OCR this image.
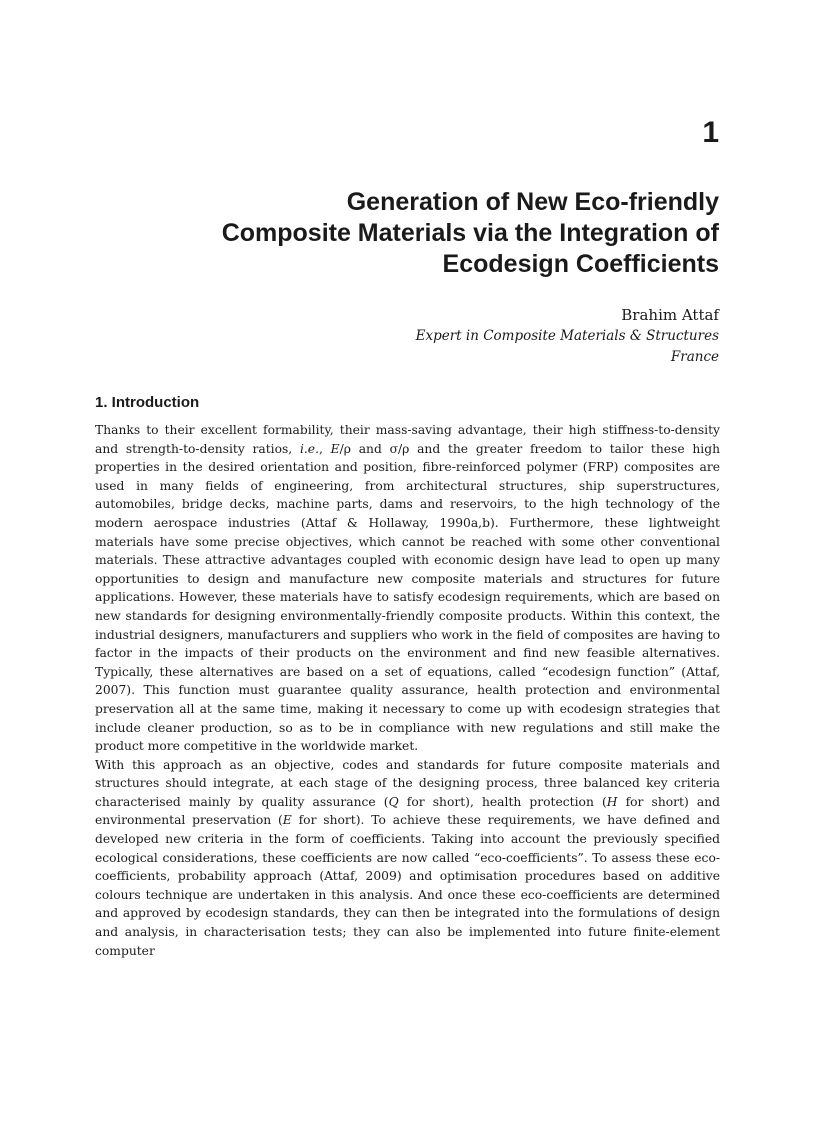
1
Generation of New Eco-friendly
Composite Materials via the Integration of
Ecodesign Coefficients
Brahim Attaf
Expert in Composite Materials & Structures
France
1. Introduction

Thanks to their excellent formability, their mass-saving advantage, their high stiffness-to-density and strength-to-density ratios, i.e., E/ρ and σ/ρ and the greater freedom to tailor these high properties in the desired orientation and position, fibre-reinforced polymer (FRP) composites are used in many fields of engineering, from architectural structures, ship superstructures, automobiles, bridge decks, machine parts, dams and reservoirs, to the high technology of the modern aerospace industries (Attaf & Hollaway, 1990a,b). Furthermore, these lightweight materials have some precise objectives, which cannot be reached with some other conventional materials. These attractive advantages coupled with economic design have lead to open up many opportunities to design and manufacture new composite materials and structures for future applications. However, these materials have to satisfy ecodesign requirements, which are based on new standards for designing environmentally-friendly composite products. Within this context, the industrial designers, manufacturers and suppliers who work in the field of composites are having to factor in the impacts of their products on the environment and find new feasible alternatives. Typically, these alternatives are based on a set of equations, called “ecodesign function” (Attaf, 2007). This function must guarantee quality assurance, health protection and environmental preservation all at the same time, making it necessary to come up with ecodesign strategies that include cleaner production, so as to be in compliance with new regulations and still make the product more competitive in the worldwide market.

With this approach as an objective, codes and standards for future composite materials and structures should integrate, at each stage of the designing process, three balanced key criteria characterised mainly by quality assurance (Q for short), health protection (H for short) and environmental preservation (E for short). To achieve these requirements, we have defined and developed new criteria in the form of coefficients. Taking into account the previously specified ecological considerations, these coefficients are now called “eco-coefficients”. To assess these eco-coefficients, probability approach (Attaf, 2009) and optimisation procedures based on additive colours technique are undertaken in this analysis. And once these eco-coefficients are determined and approved by ecodesign standards, they can then be integrated into the formulations of design and analysis, in characterisation tests; they can also be implemented into future finite-element computer
